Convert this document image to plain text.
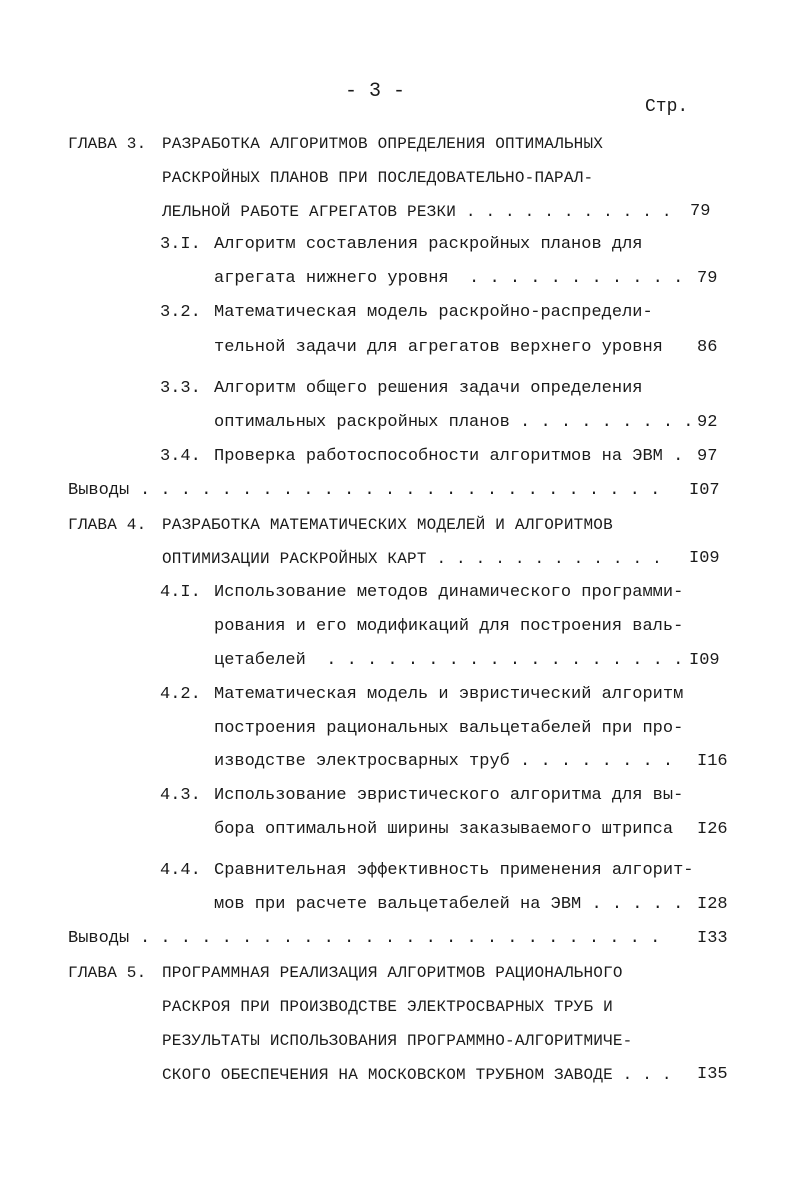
- 3 -
Стр.
ГЛАВА 3. РАЗРАБОТКА АЛГОРИТМОВ ОПРЕДЕЛЕНИЯ ОПТИМАЛЬНЫХ
РАСКРОЙНЫХ ПЛАНОВ ПРИ ПОСЛЕДОВАТЕЛЬНО-ПАРАЛ-
ЛЕЛЬНОЙ РАБОТЕ АГРЕГАТОВ РЕЗКИ . . . . . . . . . . . 79
3.I. Алгоритм составления раскройных планов для
агрегата нижнего уровня  . . . . . . . . . . . 79
3.2. Математическая модель раскройно-распредели-
тельной задачи для агрегатов верхнего уровня 86
3.3. Алгоритм общего решения задачи определения
оптимальных раскройных планов . . . . . . . . . 92
3.4. Проверка работоспособности алгоритмов на ЭВМ . 97
Выводы . . . . . . . . . . . . . . . . . . . . . . . . . . I07
ГЛАВА 4. РАЗРАБОТКА МАТЕМАТИЧЕСКИХ МОДЕЛЕЙ И АЛГОРИТМОВ
ОПТИМИЗАЦИИ РАСКРОЙНЫХ КАРТ . . . . . . . . . . . . I09
4.I. Использование методов динамического программи-
рования и его модификаций для построения валь-
цетабелей  . . . . . . . . . . . . . . . . . . I09
4.2. Математическая модель и эвристический алгоритм
построения рациональных вальцетабелей при про-
изводстве электросварных труб . . . . . . . . I16
4.3. Использование эвристического алгоритма для вы-
бора оптимальной ширины заказываемого штрипса I26
4.4. Сравнительная эффективность применения алгорит-
мов при расчете вальцетабелей на ЭВМ . . . . . I28
Выводы . . . . . . . . . . . . . . . . . . . . . . . . . . I33
ГЛАВА 5. ПРОГРАММНАЯ РЕАЛИЗАЦИЯ АЛГОРИТМОВ РАЦИОНАЛЬНОГО
РАСКРОЯ ПРИ ПРОИЗВОДСТВЕ ЭЛЕКТРОСВАРНЫХ ТРУБ И
РЕЗУЛЬТАТЫ ИСПОЛЬЗОВАНИЯ ПРОГРАММНО-АЛГОРИТМИЧЕ-
СКОГО ОБЕСПЕЧЕНИЯ НА МОСКОВСКОМ ТРУБНОМ ЗАВОДЕ . . . I35
